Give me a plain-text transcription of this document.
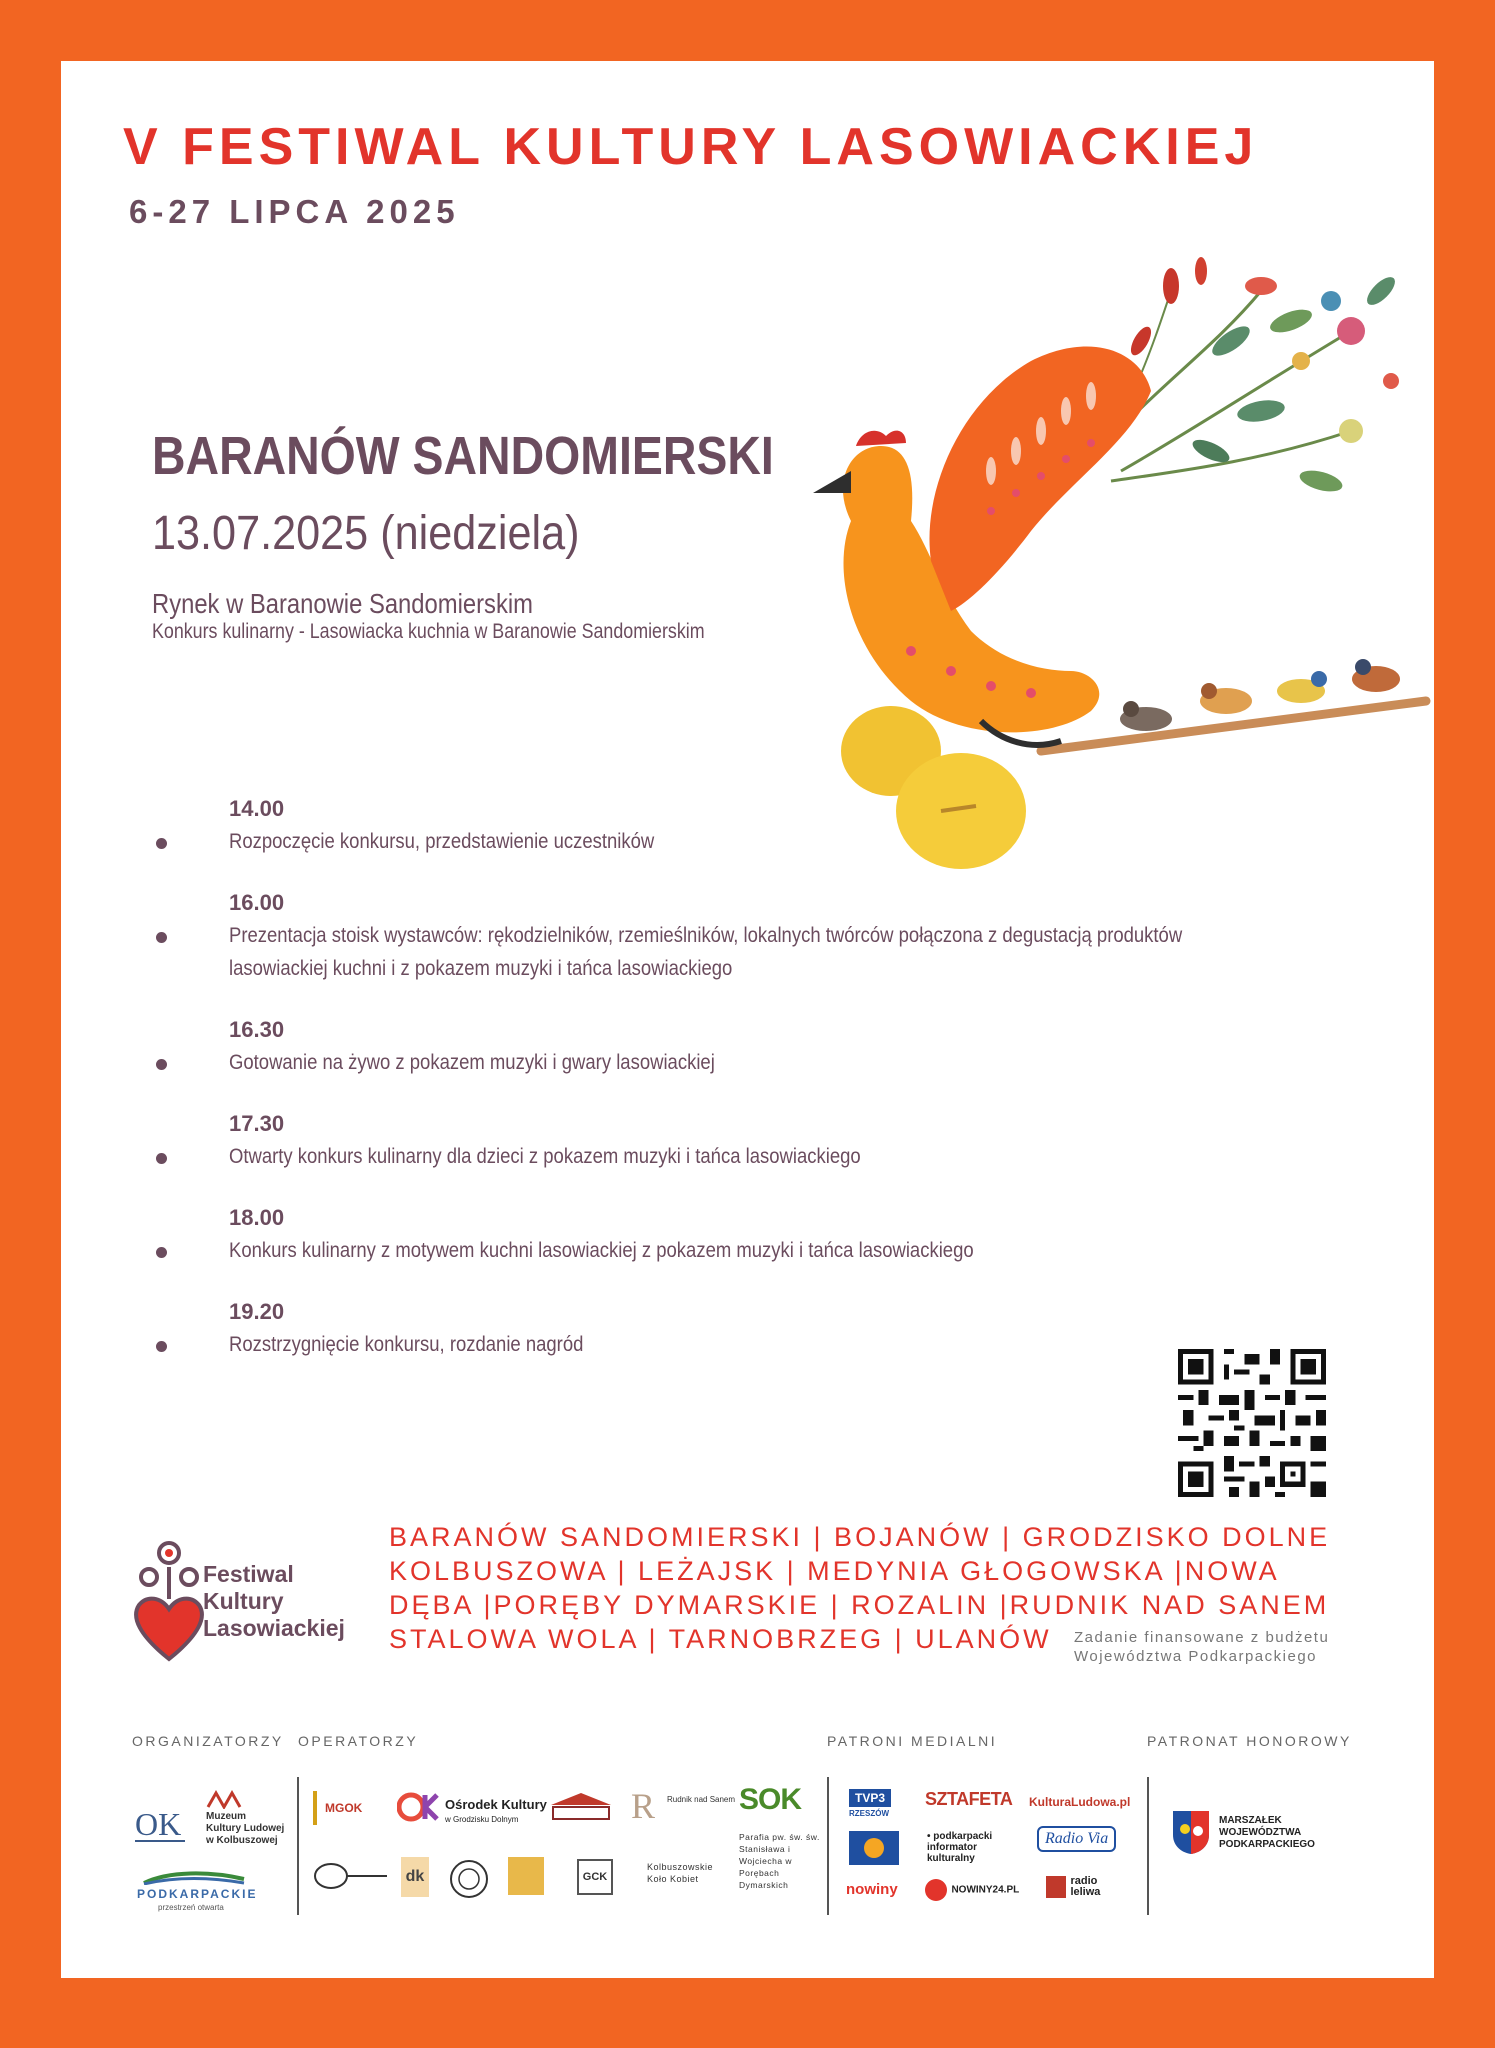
V FESTIWAL KULTURY LASOWIACKIEJ
6-27 LIPCA 2025
BARANÓW SANDOMIERSKI
13.07.2025 (niedziela)
Rynek w Baranowie Sandomierskim
Konkurs kulinarny - Lasowiacka kuchnia w Baranowie Sandomierskim
14.00
Rozpoczęcie konkursu, przedstawienie uczestników
16.00
Prezentacja stoisk wystawców: rękodzielników, rzemieślników, lokalnych twórców połączona z degustacją produktów
lasowiackiej kuchni i z pokazem muzyki i tańca lasowiackiego
16.30
Gotowanie na żywo z pokazem muzyki i gwary lasowiackiej
17.30
Otwarty konkurs kulinarny dla dzieci z pokazem muzyki i tańca lasowiackiego
18.00
Konkurs kulinarny z motywem kuchni lasowiackiej z pokazem muzyki i tańca lasowiackiego
19.20
Rozstrzygnięcie konkursu, rozdanie nagród
Festiwal
Kultury
Lasowiackiej
BARANÓW SANDOMIERSKI | BOJANÓW | GRODZISKO DOLNE
KOLBUSZOWA | LEŻAJSK | MEDYNIA GŁOGOWSKA |NOWA
DĘBA |PORĘBY DYMARSKIE | ROZALIN |RUDNIK NAD SANEM
STALOWA WOLA | TARNOBRZEG | ULANÓW	Zadanie finansowane z budżetu
Województwa Podkarpackiego
ORGANIZATORZY OPERATORZY	PATRONI MEDIALNI	PATRONAT HONOROWY
OK Muzeum
Kultury Ludowej
w Kolbuszowej
PODKARPACKIE
przestrzeń otwarta
MGOK	Ośrodek Kultury
w Grodzisku Dolnym	R Rudnik nad Sanem SOK
dk	GCK
Kolbuszowskie
Koło Kobiet
Parafia pw. św. św. Stanisława i Wojciecha w Porębach Dymarskich
TVP3
RZESZÓW
nowiny
SZTAFETA
• podkarpacki
informator
kulturalny
NOWINY24.PL
KulturaLudowa.pl
Radio Via

radio
leliwa
MARSZAŁEK
WOJEWÓDZTWA
PODKARPACKIEGO
